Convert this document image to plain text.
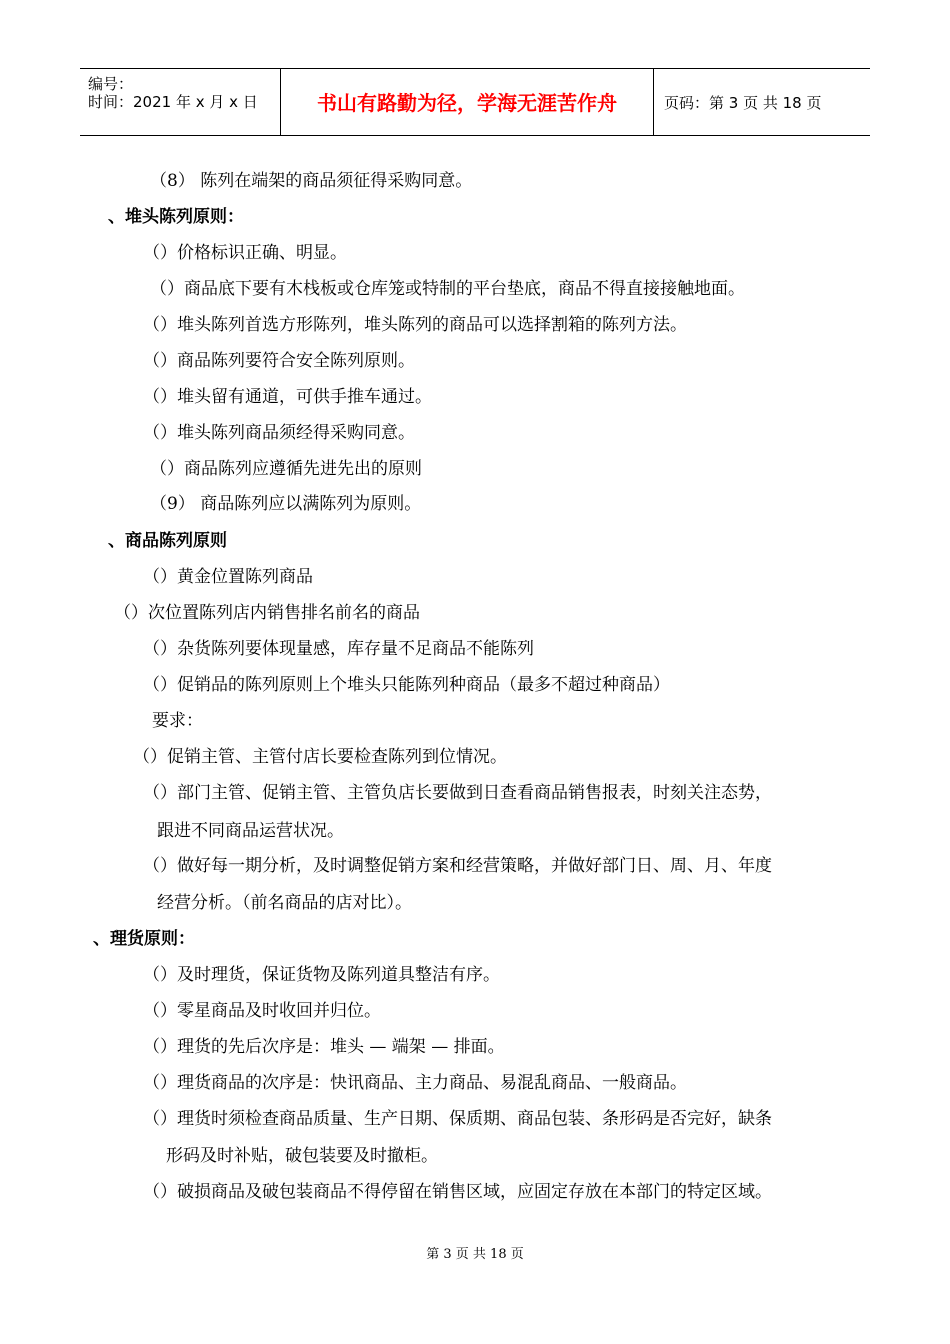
编号：
时间：2021 年 x 月 x 日	书山有路勤为径，学海无涯苦作舟	页码：第 3 页 共 18 页
（8） 陈列在端架的商品须征得采购同意。
、堆头陈列原则：
（）价格标识正确、明显。
（）商品底下要有木栈板或仓库笼或特制的平台垫底，商品不得直接接触地面。
（）堆头陈列首选方形陈列，堆头陈列的商品可以选择割箱的陈列方法。
（）商品陈列要符合安全陈列原则。
（）堆头留有通道，可供手推车通过。
（）堆头陈列商品须经得采购同意。
（）商品陈列应遵循先进先出的原则
（9） 商品陈列应以满陈列为原则。
、商品陈列原则
（）黄金位置陈列商品
（）次位置陈列店内销售排名前名的商品
（）杂货陈列要体现量感，库存量不足商品不能陈列
（）促销品的陈列原则上个堆头只能陈列种商品（最多不超过种商品）
要求：
（）促销主管、主管付店长要检查陈列到位情况。
（）部门主管、促销主管、主管负店长要做到日查看商品销售报表，时刻关注态势，
跟进不同商品运营状况。
（）做好每一期分析，及时调整促销方案和经营策略，并做好部门日、周、月、年度
经营分析。（前名商品的店对比）。
、理货原则：
（）及时理货，保证货物及陈列道具整洁有序。
（）零星商品及时收回并归位。
（）理货的先后次序是：堆头 — 端架 — 排面。
（）理货商品的次序是：快讯商品、主力商品、易混乱商品、一般商品。
（）理货时须检查商品质量、生产日期、保质期、商品包装、条形码是否完好，缺条
形码及时补贴，破包装要及时撤柜。
（）破损商品及破包装商品不得停留在销售区域，应固定存放在本部门的特定区域。
第 3 页 共 18 页
